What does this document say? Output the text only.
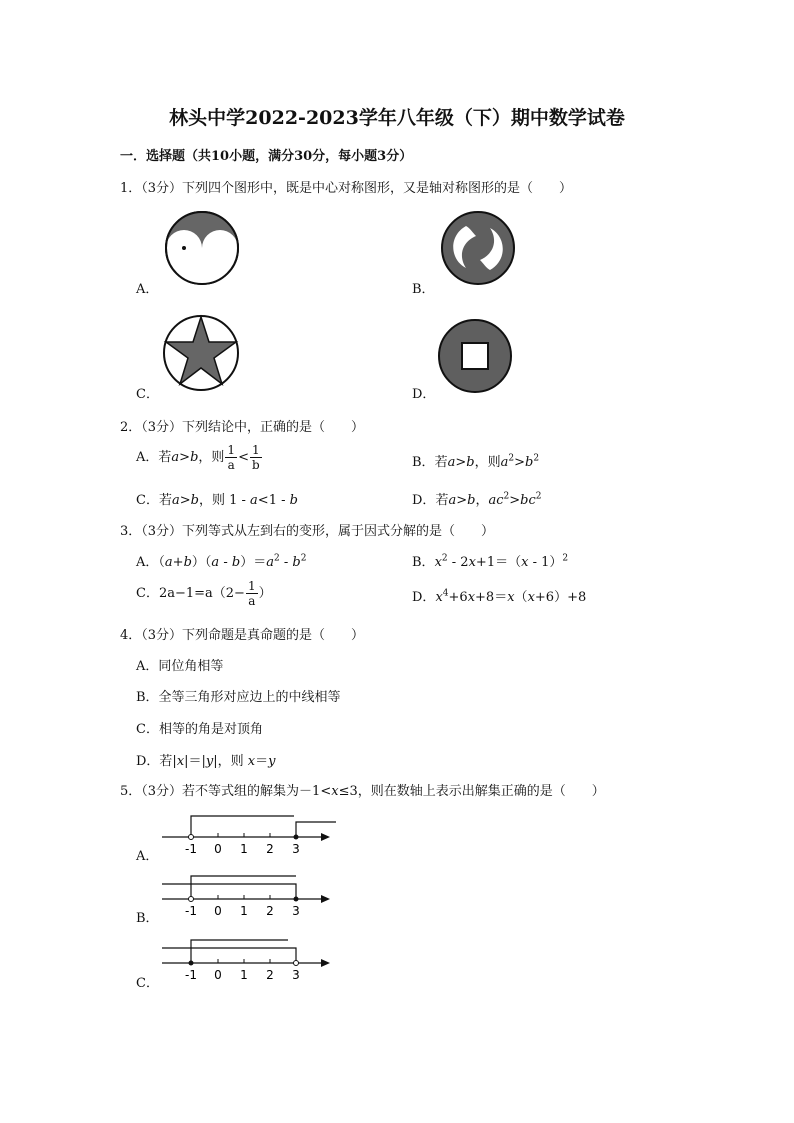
林头中学2022-2023学年八年级（下）期中数学试卷
一．选择题（共10小题，满分30分，每小题3分）
1．（3分）下列四个图形中，既是中心对称图形，又是轴对称图形的是（　　）
A．	B．
C．	D．
2．（3分）下列结论中，正确的是（　　）
A．若a>b，则 $\frac{1}{a} < \frac{1}{b}$	B．若a>b，则$a^2>b^2$
C．若a>b，则 1 - a<1 - b	D．若a>b，$ac^2>bc^2$
3．（3分）下列等式从左到右的变形，属于因式分解的是（　　）
A．$(a+b)(a - b)=a^2 - b^2$	B．$x^2 - 2x+1=(x - 1)^2$
C．$2a-1=a(2- \frac{1}{a}$ ）	D．$x^4+6x+8=x(x+6)+8$
4．（3分）下列命题是真命题的是（　　）
A．同位角相等
B．全等三角形对应边上的中线相等
C．相等的角是对顶角
D．若|x|＝|y|，则 x＝y
5．（3分）若不等式组的解集为－1<x≤3，则在数轴上表示出解集正确的是（　　）
-1 0 1 2 3
A．
-1 0 1 2 3
B．
-1 0 1 2 3
C．
